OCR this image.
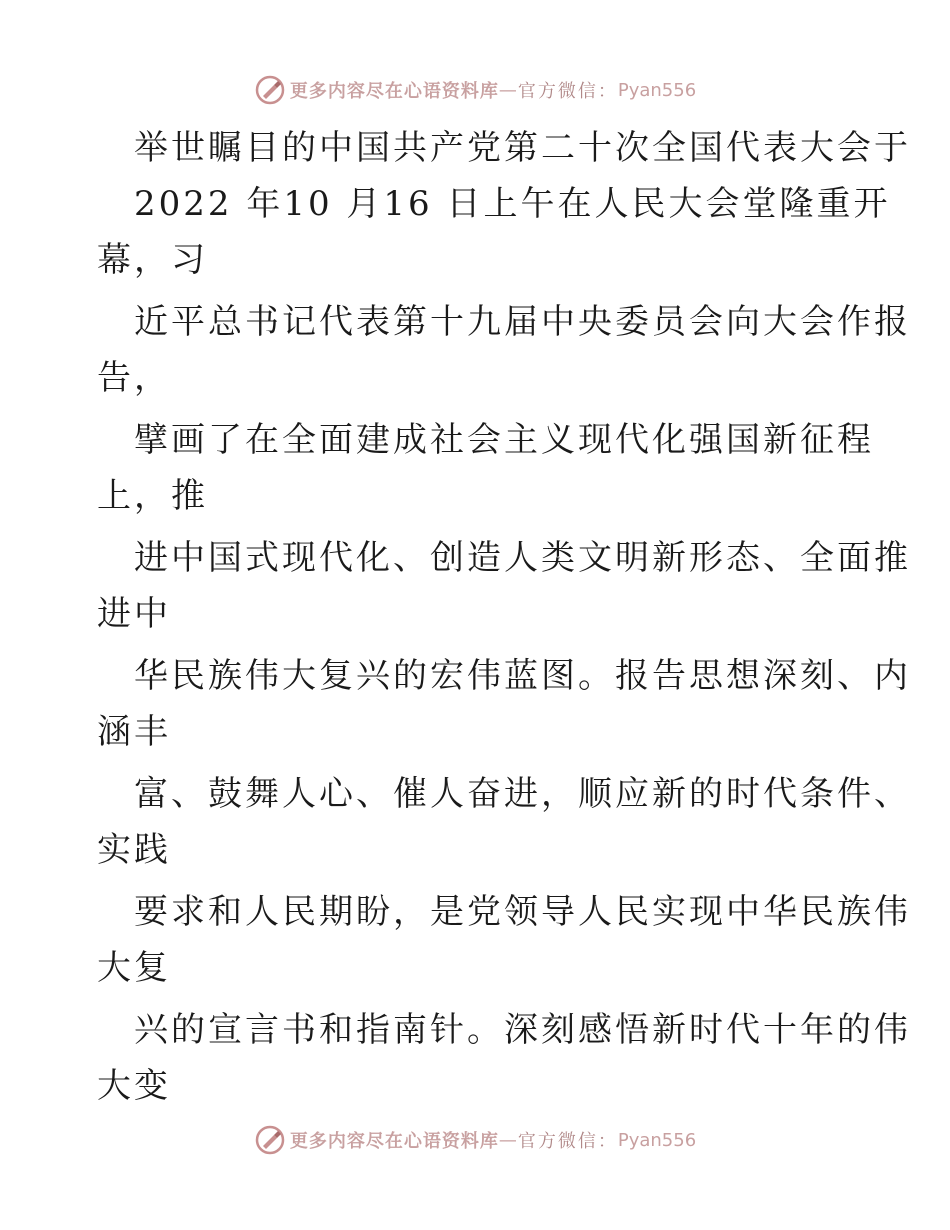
更多内容尽在心语资料库 — 官方微信： Pyan556
举世瞩目的中国共产党第二十次全国代表大会于
2022 年10 月16 日上午在人民大会堂隆重开
幕，习
近平总书记代表第十九届中央委员会向大会作报
告，
擘画了在全面建成社会主义现代化强国新征程
上，推
进中国式现代化、创造人类文明新形态、全面推
进中
华民族伟大复兴的宏伟蓝图。报告思想深刻、内
涵丰
富、鼓舞人心、催人奋进，顺应新的时代条件、
实践
要求和人民期盼，是党领导人民实现中华民族伟
大复
兴的宣言书和指南针。深刻感悟新时代十年的伟
大变
更多内容尽在心语资料库 — 官方微信： Pyan556
